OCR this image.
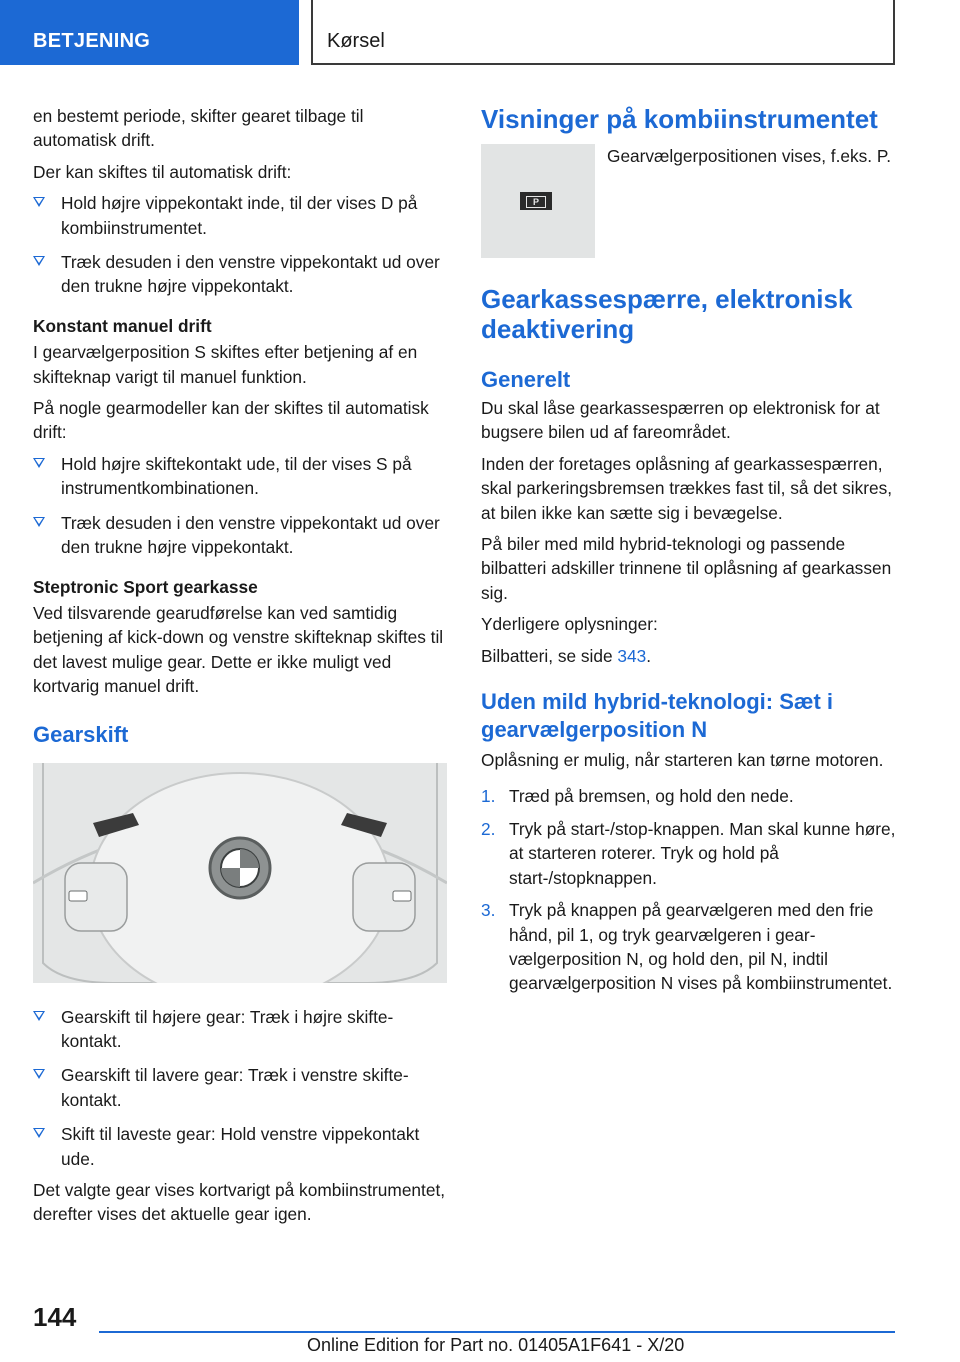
BETJENING	Kørsel

en bestemt periode, skifter gearet tilbage til automatisk drift.

Der kan skiftes til automatisk drift:

Hold højre vippekontakt inde, til der vises D på kombiinstrumentet.
Træk desuden i den venstre vippekontakt ud over den trukne højre vippekontakt.

Konstant manuel drift

I gearvælgerposition S skiftes efter betjening af en skifteknap varigt til manuel funktion.

På nogle gearmodeller kan der skiftes til automatisk drift:

Hold højre skiftekontakt ude, til der vises S på instrumentkombinationen.
Træk desuden i den venstre vippekontakt ud over den trukne højre vippekontakt.

Steptronic Sport gearkasse

Ved tilsvarende gearudførelse kan ved samtidig betjening af kick-down og venstre skifteknap skiftes til det lavest mulige gear. Dette er ikke muligt ved kortvarig manuel drift.

Gearskift
Gearskift til højere gear: Træk i højre skiftekontakt.
Gearskift til lavere gear: Træk i venstre skiftekontakt.
Skift til laveste gear: Hold venstre vippekontakt ude.

Det valgte gear vises kortvarigt på kombiinstrumentet, derefter vises det aktuelle gear igen.

Visninger på kombiinstrumentet
P
Gearvælgerpositionen vises, f.eks. P.
Gearkassespærre, elektronisk deaktivering
Generelt

Du skal låse gearkassespærren op elektronisk for at bugsere bilen ud af fareområdet.

Inden der foretages oplåsning af gearkassespærren, skal parkeringsbremsen trækkes fast til, så det sikres, at bilen ikke kan sætte sig i bevægelse.

På biler med mild hybrid-teknologi og passende bilbatteri adskiller trinnene til oplåsning af gearkassen sig.

Yderligere oplysninger:

Bilbatteri, se side 343.

Uden mild hybrid-teknologi: Sæt i gearvælgerposition N

Oplåsning er mulig, når starteren kan tørne motoren.

1. Træd på bremsen, og hold den nede.
2. Tryk på start-/stop-knappen. Man skal kunne høre, at starteren roterer. Tryk og hold på start-/stopknappen.
3. Tryk på knappen på gearvælgeren med den frie hånd, pil 1, og tryk gearvælgeren i gearvælgerposition N, og hold den, pil N, indtil gearvælgerposition N vises på kombiinstrumentet.
144
Online Edition for Part no. 01405A1F641 - X/20
